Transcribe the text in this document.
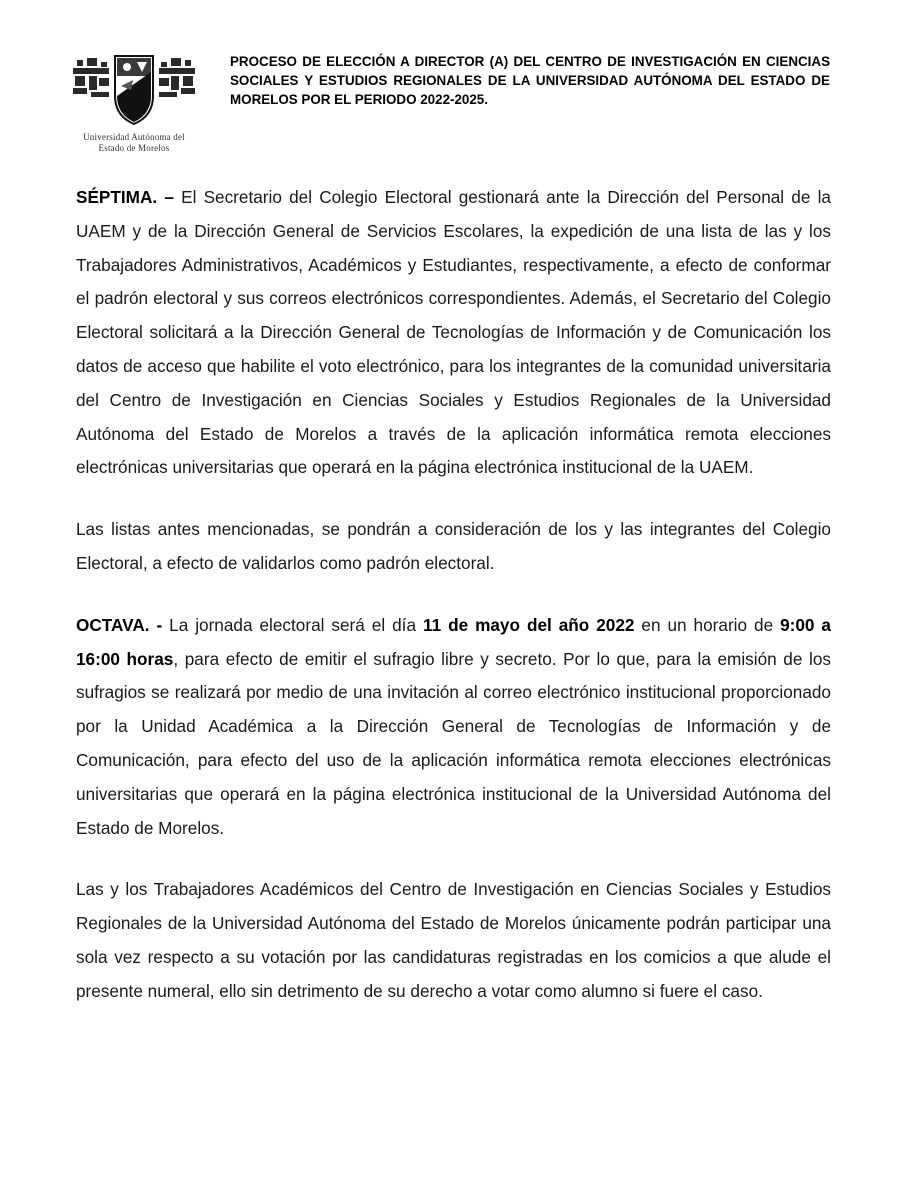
Universidad Autónoma del
Estado de Morelos
PROCESO DE ELECCIÓN A DIRECTOR (A) DEL CENTRO DE INVESTIGACIÓN EN CIENCIAS SOCIALES Y ESTUDIOS REGIONALES DE LA UNIVERSIDAD AUTÓNOMA DEL ESTADO DE MORELOS POR EL PERIODO 2022-2025.

SÉPTIMA. – El Secretario del Colegio Electoral gestionará ante la Dirección del Personal de la UAEM y de la Dirección General de Servicios Escolares, la expedición de una lista de las y los Trabajadores Administrativos, Académicos y Estudiantes, respectivamente, a efecto de conformar el padrón electoral y sus correos electrónicos correspondientes. Además, el Secretario del Colegio Electoral solicitará a la Dirección General de Tecnologías de Información y de Comunicación los datos de acceso que habilite el voto electrónico, para los integrantes de la comunidad universitaria del Centro de Investigación en Ciencias Sociales y Estudios Regionales de la Universidad Autónoma del Estado de Morelos a través de la aplicación informática remota elecciones electrónicas universitarias que operará en la página electrónica institucional de la UAEM.

Las listas antes mencionadas, se pondrán a consideración de los y las integrantes del Colegio Electoral, a efecto de validarlos como padrón electoral.

OCTAVA. - La jornada electoral será el día 11 de mayo del año 2022 en un horario de 9:00 a 16:00 horas, para efecto de emitir el sufragio libre y secreto. Por lo que, para la emisión de los sufragios se realizará por medio de una invitación al correo electrónico institucional proporcionado por la Unidad Académica a la Dirección General de Tecnologías de Información y de Comunicación, para efecto del uso de la aplicación informática remota elecciones electrónicas universitarias que operará en la página electrónica institucional de la Universidad Autónoma del Estado de Morelos.

Las y los Trabajadores Académicos del Centro de Investigación en Ciencias Sociales y Estudios Regionales de la Universidad Autónoma del Estado de Morelos únicamente podrán participar una sola vez respecto a su votación por las candidaturas registradas en los comicios a que alude el presente numeral, ello sin detrimento de su derecho a votar como alumno si fuere el caso.
